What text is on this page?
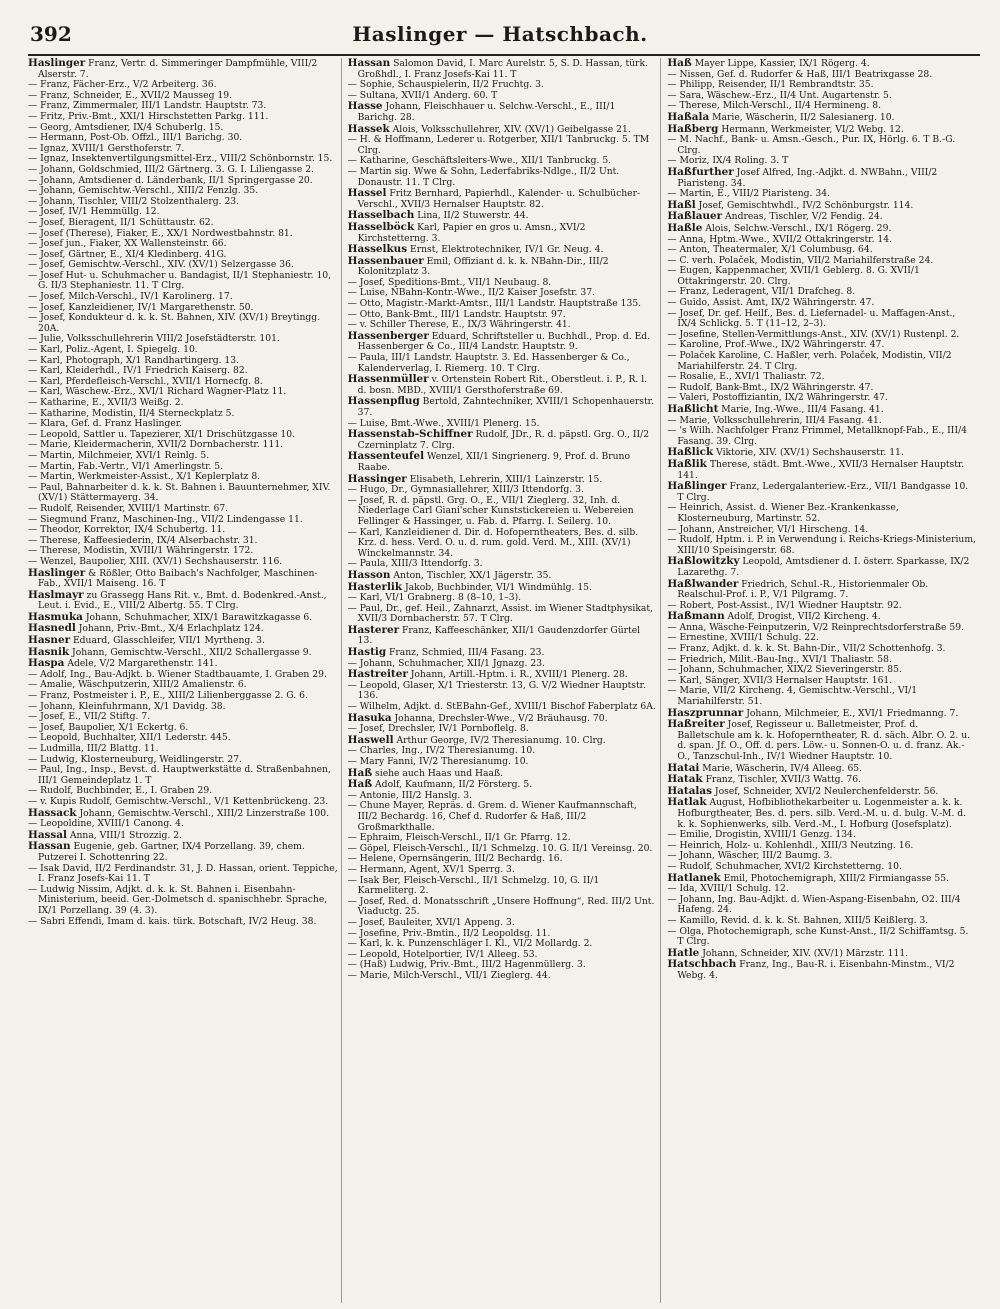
392	Haslinger — Hatschbach.

Haslinger Franz, Vertr. d. Simmeringer Dampfmühle, VIII/2 Alserstr. 7.

— Franz, Fächer-Erz., V/2 Arbeiterg. 36.

— Franz, Schneider, E., XVII/2 Mausseg 19.

— Franz, Zimmermaler, III/1 Landstr. Hauptstr. 73.

— Fritz, Priv.-Bmt., XXI/1 Hirschstetten Parkg. 111.

— Georg, Amtsdiener, IX/4 Schuberlg. 15.

— Hermann, Post-Ob. Offzl., III/1 Barichg. 30.

— Ignaz, XVIII/1 Gersthoferstr. 7.

— Ignaz, Insektenvertilgungsmittel-Erz., VIII/2 Schönbornstr. 15.

— Johann, Goldschmied, III/2 Gärtnerg. 3. G. I. Liliengasse 2.

— Johann, Amtsdiener d. Länderbank, II/1 Springergasse 20.

— Johann, Gemischtw.-Verschl., XIII/2 Fenzlg. 35.

— Johann, Tischler, VIII/2 Stolzenthalerg. 23.

— Josef, IV/1 Hemmüllg. 12.

— Josef, Bieragent, II/1 Schüttaustr. 62.

— Josef (Therese), Fiaker, E., XX/1 Nordwestbahnstr. 81.

— Josef jun., Fiaker, XX Wallensteinstr. 66.

— Josef, Gärtner, E., XI/4 Kledinberg. 41G.

— Josef, Gemischtw.-Verschl., XIV. (XV/1) Selzergasse 36.

— Josef Hut- u. Schuhmacher u. Bandagist, II/1 Stephaniestr. 10, G. II/3 Stephaniestr. 11. T Clrg.

— Josef, Milch-Verschl., IV/1 Karolinerg. 17.

— Josef, Kanzleidiener, IV/1 Margarethenstr. 50.

— Josef, Kondukteur d. k. k. St. Bahnen, XIV. (XV/1) Breytingg. 20A.

— Julie, Volksschullehrerin VIII/2 Josefstädterstr. 101.

— Karl, Poliz.-Agent, I. Spiegelg. 10.

— Karl, Photograph, X/1 Randhartingerg. 13.

— Karl, Kleiderhdl., IV/1 Friedrich Kaiserg. 82.

— Karl, Pferdefleisch-Verschl., XVII/1 Hornecfg. 8.

— Karl, Wäschew.-Erz., XVI/1 Richard Wagner-Platz 11.

— Katharine, E., XVII/3 Weißg. 2.

— Katharine, Modistin, II/4 Sterneckplatz 5.

— Klara, Gef. d. Franz Haslinger.

— Leopold, Sattler u. Tapezierer, XI/1 Drischützgasse 10.

— Marie, Kleidermacherin, XVII/2 Dornbacherstr. 111.

— Martin, Milchmeier, XVI/1 Reinlg. 5.

— Martin, Fab.-Vertr., VI/1 Amerlingstr. 5.

— Martin, Werkmeister-Assist., X/1 Keplerplatz 8.

— Paul, Bahnarbeiter d. k. k. St. Bahnen i. Bauunternehmer, XIV. (XV/1) Stättermayerg. 34.

— Rudolf, Reisender, XVIII/1 Martinstr. 67.

— Siegmund Franz, Maschinen-Ing., VII/2 Lindengasse 11.

— Theodor, Korrektor, IX/4 Schubertg. 11.

— Therese, Kaffeesiederin, IX/4 Alserbachstr. 31.

— Therese, Modistin, XVIII/1 Währingerstr. 172.

— Wenzel, Baupolier, XIII. (XV/1) Sechshauserstr. 116.

Haslinger & Rößler, Otto Baibach's Nachfolger, Maschinen-Fab., XVII/1 Maiseng. 16. T

Haslmayr zu Grassegg Hans Rit. v., Bmt. d. Bodenkred.-Anst., Leut. i. Evid., E., VIII/2 Albertg. 55. T Clrg.

Hasmuka Johann, Schuhmacher, XIX/1 Barawitzkagasse 6.

Hasnedl Johann, Priv.-Bmt., X/4 Erlachplatz 124.

Hasner Eduard, Glasschleifer, VII/1 Myrtheng. 3.

Hasnik Johann, Gemischtw.-Verschl., XII/2 Schallergasse 9.

Haspa Adele, V/2 Margarethenstr. 141.

— Adolf, Ing., Bau-Adjkt. b. Wiener Stadtbauamte, I. Graben 29.

— Amalie, Wäschputzerin, XIII/2 Amalienstr. 6.

— Franz, Postmeister i. P., E., XIII/2 Lilienberggasse 2. G. 6.

— Johann, Kleinfuhrmann, X/1 Davidg. 38.

— Josef, E., VII/2 Stiftg. 7.

— Josef, Baupolier, X/1 Eckertg. 6.

— Leopold, Buchhalter, XII/1 Lederstr. 445.

— Ludmilla, III/2 Blattg. 11.

— Ludwig, Klosterneuburg, Weidlingerstr. 27.

— Paul, Ing., Insp., Bevst. d. Hauptwerkstätte d. Straßenbahnen, III/1 Gemeindeplatz 1. T

— Rudolf, Buchbinder, E., I. Graben 29.

— v. Kupis Rudolf, Gemischtw.-Verschl., V/1 Kettenbrückeng. 23.

Hassack Johann, Gemischtw.-Verschl., XIII/2 Linzerstraße 100.

— Leopoldine, XVIII/1 Canong. 4.

Hassal Anna, VIII/1 Strozzig. 2.

Hassan Eugenie, geb. Gartner, IX/4 Porzellang. 39, chem. Putzerei I. Schottenring 22.

— Isak David, II/2 Ferdinandstr. 31, J. D. Hassan, orient. Teppiche, I. Franz Josefs-Kai 11. T

— Ludwig Nissim, Adjkt. d. k. k. St. Bahnen i. Eisenbahn-Ministerium, beeid. Ger.-Dolmetsch d. spanischhebr. Sprache, IX/1 Porzellang. 39 (4. 3).

— Sabri Effendi, Imam d. kais. türk. Botschaft, IV/2 Heug. 38.

Hassan Salomon David, I. Marc Aurelstr. 5, S. D. Hassan, türk. Großhdl., I. Franz Josefs-Kai 11. T

— Sophie, Schauspielerin, II/2 Fruchtg. 3.

— Sultana, XVII/1 Anderg. 60. T

Hasse Johann, Fleischhauer u. Selchw.-Verschl., E., III/1 Barichg. 28.

Hassek Alois, Volksschullehrer, XIV. (XV/1) Geibelgasse 21.

— H. & Hoffmann, Lederer u. Rotgerber, XII/1 Tanbruckg. 5. TM Clrg.

— Katharine, Geschäftsleiters-Wwe., XII/1 Tanbruckg. 5.

— Martin sig. Wwe & Sohn, Lederfabriks-Ndlge., II/2 Unt. Donaustr. 11. T Clrg.

Hassel Fritz Bernhard, Papierhdl., Kalender- u. Schulbücher-Verschl., XVII/3 Hernalser Hauptstr. 82.

Hasselbach Lina, II/2 Stuwerstr. 44.

Hasselböck Karl, Papier en gros u. Amsn., XVI/2 Kirchstetterng. 3.

Hasselkus Ernst, Elektrotechniker, IV/1 Gr. Neug. 4.

Hassenbauer Emil, Offiziant d. k. k. NBahn-Dir., III/2 Kolonitzplatz 3.

— Josef, Speditions-Bmt., VII/1 Neubaug. 8.

— Luise, NBahn-Kontr.-Wwe., II/2 Kaiser Josefstr. 37.

— Otto, Magistr.-Markt-Amtsr., III/1 Landstr. Hauptstraße 135.

— Otto, Bank-Bmt., III/1 Landstr. Hauptstr. 97.

— v. Schiller Therese, E., IX/3 Währingerstr. 41.

Hassenberger Eduard, Schriftsteller u. Buchhdl., Prop. d. Ed. Hassenberger & Co., III/4 Landstr. Hauptstr. 9.

— Paula, III/1 Landstr. Hauptstr. 3. Ed. Hassenberger & Co., Kalenderverlag, I. Riemerg. 10. T Clrg.

Hassenmüller v. Ortenstein Robert Rit., Oberstleut. i. P., R. l. d. bosn. MBD., XVIII/1 Gersthoferstraße 69.

Hassenpflug Bertold, Zahntechniker, XVIII/1 Schopenhauerstr. 37.

— Luise, Bmt.-Wwe., XVIII/1 Plenerg. 15.

Hassenstab-Schiffner Rudolf, JDr., R. d. päpstl. Grg. O., II/2 Czerninplatz 7. Clrg.

Hassenteufel Wenzel, XII/1 Singrienerg. 9, Prof. d. Bruno Raabe.

Hassinger Elisabeth, Lehrerin, XIII/1 Lainzerstr. 15.

— Hugo, Dr., Gymnasiallehrer, XIII/3 Ittendorfg. 3.

— Josef, R. d. päpstl. Grg. O., E., VII/1 Zieglerg. 32, Inh. d. Niederlage Carl Giani'scher Kunststickereien u. Webereien Fellinger & Hassinger, u. Fab. d. Pfarrg. I. Seilerg. 10.

— Karl, Kanzleidiener d. Dir. d. Hofoperntheaters, Bes. d. silb. Krz. d. hess. Verd. O. u. d. rum. gold. Verd. M., XIII. (XV/1) Winckelmannstr. 34.

— Paula, XIII/3 Ittendorfg. 3.

Hasson Anton, Tischler, XX/1 Jägerstr. 35.

Hasterlik Jakob, Buchbinder, VI/1 Windmühlg. 15.

— Karl, VI/1 Grabnerg. 8 (8–10, 1–3).

— Paul, Dr., gef. Heil., Zahnarzt, Assist. im Wiener Stadtphysikat, XVII/3 Dornbacherstr. 57. T Clrg.

Hasterer Franz, Kaffeeschänker, XII/1 Gaudenzdorfer Gürtel 13.

Hastig Franz, Schmied, III/4 Fasang. 23.

— Johann, Schuhmacher, XII/1 Jgnazg. 23.

Hastreiter Johann, Artill.-Hptm. i. R., XVIII/1 Plenerg. 28.

— Leopold, Glaser, X/1 Triesterstr. 13, G. V/2 Wiedner Hauptstr. 136.

— Wilhelm, Adjkt. d. StEBahn-Gef., XVIII/1 Bischof Faberplatz 6A.

Hasuka Johanna, Drechsler-Wwe., V/2 Bräuhausg. 70.

— Josef, Drechsler, IV/1 Pornboflelg. 8.

Haswell Arthur George, IV/2 Theresianumg. 10. Clrg.

— Charles, Ing., IV/2 Theresianumg. 10.

— Mary Fanni, IV/2 Theresianumg. 10.

Haß siehe auch Haas und Haaß.

Haß Adolf, Kaufmann, II/2 Försterg. 5.

— Antonie, III/2 Hanslg. 3.

— Chune Mayer, Repräs. d. Grem. d. Wiener Kaufmannschaft, III/2 Bechardg. 16, Chef d. Rudorfer & Haß, III/2 Großmarkthalle.

— Ephraim, Fleisch-Verschl., II/1 Gr. Pfarrg. 12.

— Göpel, Fleisch-Verschl., II/1 Schmelzg. 10. G. II/1 Vereinsg. 20.

— Helene, Opernsängerin, III/2 Bechardg. 16.

— Hermann, Agent, XV/1 Sperrg. 3.

— Isak Ber, Fleisch-Verschl., II/1 Schmelzg. 10, G. II/1 Karmeliterg. 2.

— Josef, Red. d. Monatsschrift „Unsere Hoffnung“, Red. III/2 Unt. Viaductg. 25.

— Josef, Bauleiter, XVI/1 Appeng. 3.

— Josefine, Priv.-Bmtin., II/2 Leopoldsg. 11.

— Karl, k. k. Punzenschläger I. Kl., VI/2 Mollardg. 2.

— Leopold, Hotelportier, IV/1 Alleeg. 53.

— (Haß) Ludwig, Priv.-Bmt., III/2 Hagenmüllerg. 3.

— Marie, Milch-Verschl., VII/1 Zieglerg. 44.

Haß Mayer Lippe, Kassier, IX/1 Rögerg. 4.

— Nissen, Gef. d. Rudorfer & Haß, III/1 Beatrixgasse 28.

— Philipp, Reisender, II/1 Rembrandtstr. 35.

— Sara, Wäschew.-Erz., II/4 Unt. Augartenstr. 5.

— Therese, Milch-Verschl., II/4 Hermineng. 8.

Haßala Marie, Wäscherin, II/2 Salesianerg. 10.

Haßberg Hermann, Werkmeister, VI/2 Webg. 12.

— M. Nachf., Bank- u. Amsn.-Gesch., Pur. IX, Hörlg. 6. T B.-G. Clrg.

— Moriz, IX/4 Roling. 3. T

Haßfurther Josef Alfred, Ing.-Adjkt. d. NWBahn., VIII/2 Piaristeng. 34.

— Martin, E., VIII/2 Piaristeng. 34.

Haßl Josef, Gemischtwhdl., IV/2 Schönburgstr. 114.

Haßlauer Andreas, Tischler, V/2 Fendig. 24.

Haßle Alois, Selchw.-Verschl., IX/1 Rögerg. 29.

— Anna, Hptm.-Wwe., XVII/2 Ottakringerstr. 14.

— Anton, Theatermaler, X/1 Columbusg. 64.

— C. verh. Polaček, Modistin, VII/2 Mariahilferstraße 24.

— Eugen, Kappenmacher, XVII/1 Geblerg. 8. G. XVII/1 Ottakringerstr. 20. Clrg.

— Franz, Lederagent, VII/1 Drafcheg. 8.

— Guido, Assist. Amt, IX/2 Währingerstr. 47.

— Josef, Dr. gef. Heilf., Bes. d. Liefernadel- u. Maffagen-Anst., IX/4 Schlickg. 5. T (11–12, 2–3).

— Josefine, Stellen-Vermittlungs-Anst., XIV. (XV/1) Rustenpl. 2.

— Karoline, Prof.-Wwe., IX/2 Währingerstr. 47.

— Polaček Karoline, C. Haßler, verh. Polaček, Modistin, VII/2 Mariahilferstr. 24. T Clrg.

— Rosalie, E., XVI/1 Thaliastr. 72.

— Rudolf, Bank-Bmt., IX/2 Währingerstr. 47.

— Valeri, Postoffiziantin, IX/2 Währingerstr. 47.

Haßlicht Marie, Ing.-Wwe., III/4 Fasang. 41.

— Marie, Volksschullehrerin, III/4 Fasang. 41.

— 's Wilh. Nachfolger Franz Frimmel, Metallknopf-Fab., E., III/4 Fasang. 39. Clrg.

Haßlick Viktorie, XIV. (XV/1) Sechshauserstr. 11.

Haßlik Therese, städt. Bmt.-Wwe., XVII/3 Hernalser Hauptstr. 141.

Haßlinger Franz, Ledergalanteriew.-Erz., VII/1 Bandgasse 10. T Clrg.

— Heinrich, Assist. d. Wiener Bez.-Krankenkasse, Klosterneuburg, Martinstr. 52.

— Johann, Anstreicher, VI/1 Hirscheng. 14.

— Rudolf, Hptm. i. P. in Verwendung i. Reichs-Kriegs-Ministerium, XIII/10 Speisingerstr. 68.

Haßlowitzky Leopold, Amtsdiener d. I. österr. Sparkasse, IX/2 Lazarethg. 7.

Haßlwander Friedrich, Schul.-R., Historienmaler Ob. Realschul-Prof. i. P., V/1 Pilgramg. 7.

— Robert, Post-Assist., IV/1 Wiedner Hauptstr. 92.

Haßmann Adolf, Drogist, VII/2 Kircheng. 4.

— Anna, Wäsche-Feinputzerin, V/2 Reinprechtsdorferstraße 59.

— Ernestine, XVIII/1 Schulg. 22.

— Franz, Adjkt. d. k. k. St. Bahn-Dir., VII/2 Schottenhofg. 3.

— Friedrich, Milit.-Bau-Ing., XVI/1 Thaliastr. 58.

— Johann, Schuhmacher, XIX/2 Sieveringerstr. 85.

— Karl, Sänger, XVII/3 Hernalser Hauptstr. 161.

— Marie, VII/2 Kircheng. 4, Gemischtw.-Verschl., VI/1 Mariahilferstr. 51.

Haszprunnar Johann, Milchmeier, E., XVI/1 Friedmanng. 7.

Haßreiter Josef, Regisseur u. Balletmeister, Prof. d. Balletschule am k. k. Hofoperntheater, R. d. säch. Albr. O. 2. u. d. span. Jf. O., Off. d. pers. Löw.- u. Sonnen-O. u. d. franz. Ak.-O., Tanzschul-Inh., IV/1 Wiedner Hauptstr. 10.

Hatai Marie, Wäscherin, IV/4 Alleeg. 65.

Hatak Franz, Tischler, XVII/3 Wattg. 76.

Hatalas Josef, Schneider, XVI/2 Neulerchenfelderstr. 56.

Hatlak August, Hofbibliothekarbeiter u. Logenmeister a. k. k. Hofburgtheater, Bes. d. pers. silb. Verd.-M. u. d. bulg. V.-M. d. k. k. Sophienwerks, silb. Verd.-M., I. Hofburg (Josefsplatz).

— Emilie, Drogistin, XVIII/1 Genzg. 134.

— Heinrich, Holz- u. Kohlenhdl., XIII/3 Neutzing. 16.

— Johann, Wäscher, III/2 Baumg. 3.

— Rudolf, Schuhmacher, XVI/2 Kirchstetterng. 10.

Hatlanek Emil, Photochemigraph, XIII/2 Firmiangasse 55.

— Ida, XVIII/1 Schulg. 12.

— Johann, Ing. Bau-Adjkt. d. Wien-Aspang-Eisenbahn, O2. III/4 Hafeng. 24.

— Kamillo, Revid. d. k. k. St. Bahnen, XIII/5 Keißlerg. 3.

— Olga, Photochemigraph, sche Kunst-Anst., II/2 Schiffamtsg. 5. T Clrg.

Hatle Johann, Schneider, XIV. (XV/1) Märzstr. 111.

Hatschbach Franz, Ing., Bau-R. i. Eisenbahn-Minstm., VI/2 Webg. 4.
